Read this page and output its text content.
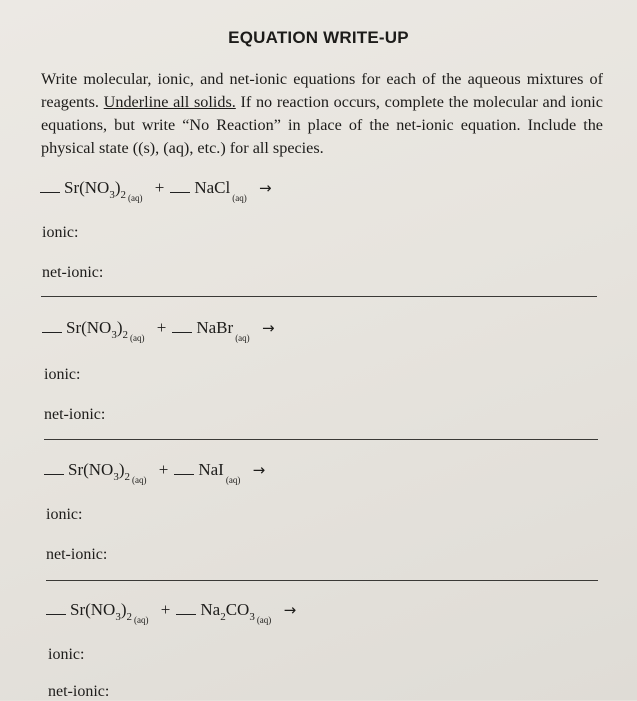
EQUATION WRITE-UP
Write molecular, ionic, and net-ionic equations for each of the aqueous mixtures of reagents. Underline all solids. If no reaction occurs, complete the molecular and ionic equations, but write “No Reaction” in place of the net-ionic equation. Include the physical state ((s), (aq), etc.) for all species.
$Sr(NO_3)_2$ $_{(aq)}$ + NaCl$_{(aq)}$ →
ionic:
net-ionic:
$Sr(NO_3)_2$ $_{(aq)}$ + NaBr$_{(aq)}$ →
ionic:
net-ionic:
$Sr(NO_3)_2$ $_{(aq)}$ + NaI$_{(aq)}$ →
ionic:
net-ionic:
$Sr(NO_3)_2$ $_{(aq)} + Na_2CO_3$ $_{(aq)}$ →
ionic:
net-ionic:
